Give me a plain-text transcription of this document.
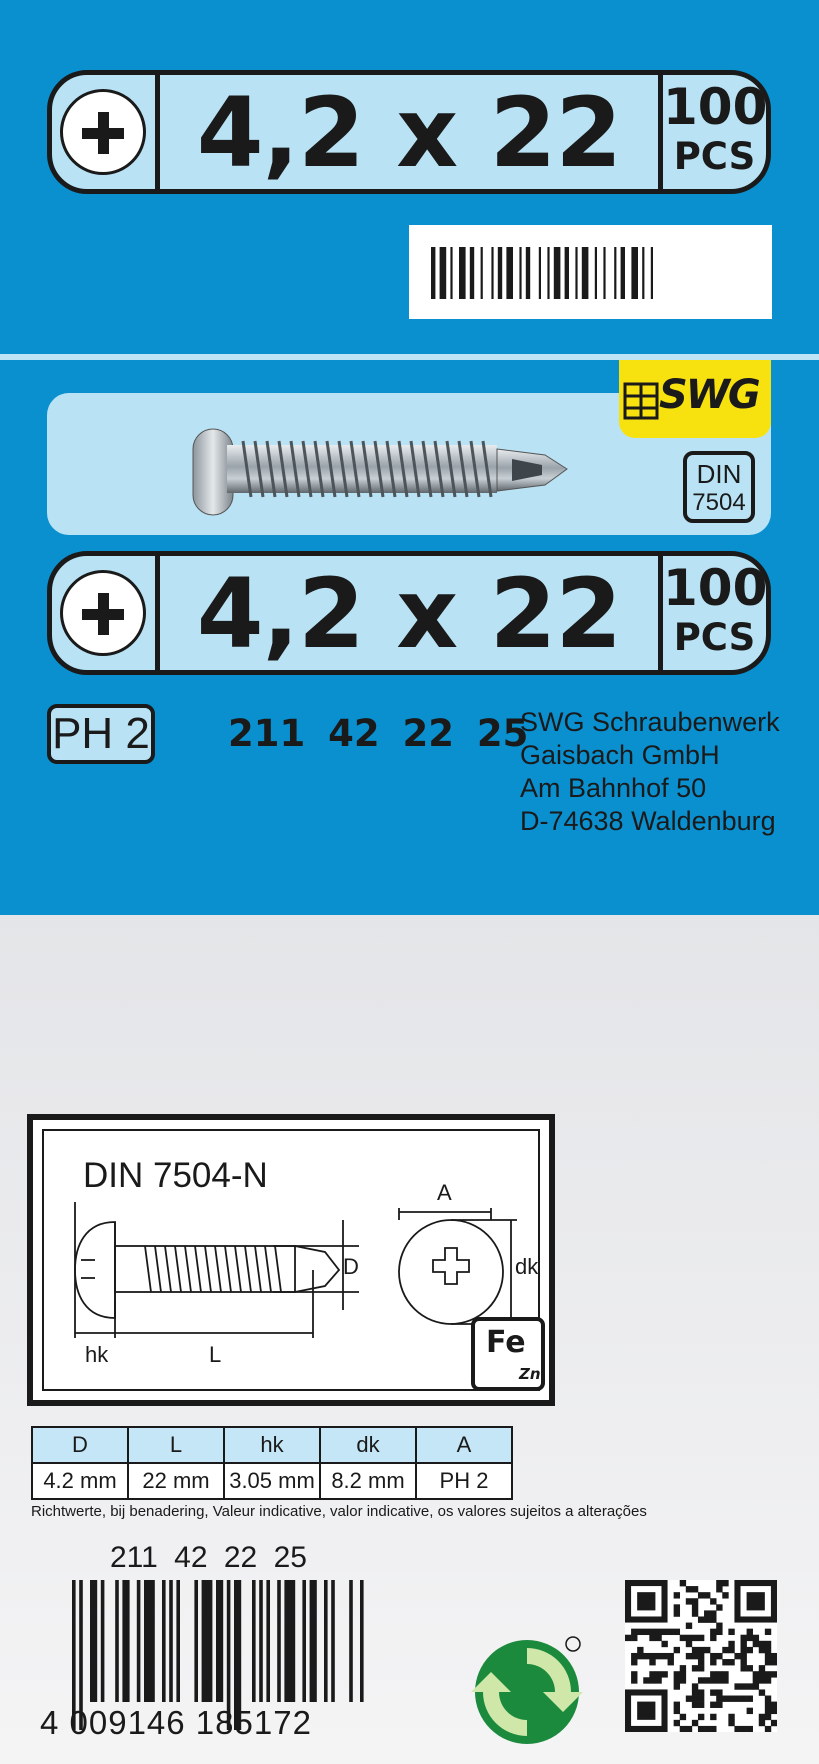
4,2 x 22 100
PCS
SWG
DIN
7504
4,2 x 22 100
PCS
PH 2 211 42 22 25
SWG Schraubenwerk
Gaisbach GmbH
Am Bahnhof 50
D-74638 Waldenburg
DIN 7504-N
D
A
dk
hk	L	Fe
Zn
D	L	hk	dk	A
4.2 mm	22 mm	3.05 mm	8.2 mm	PH 2
Richtwerte, bij benadering, Valeur indicative, valor indicative, os valores sujeitos a alterações
211 42 22 25
4 009146 185172
